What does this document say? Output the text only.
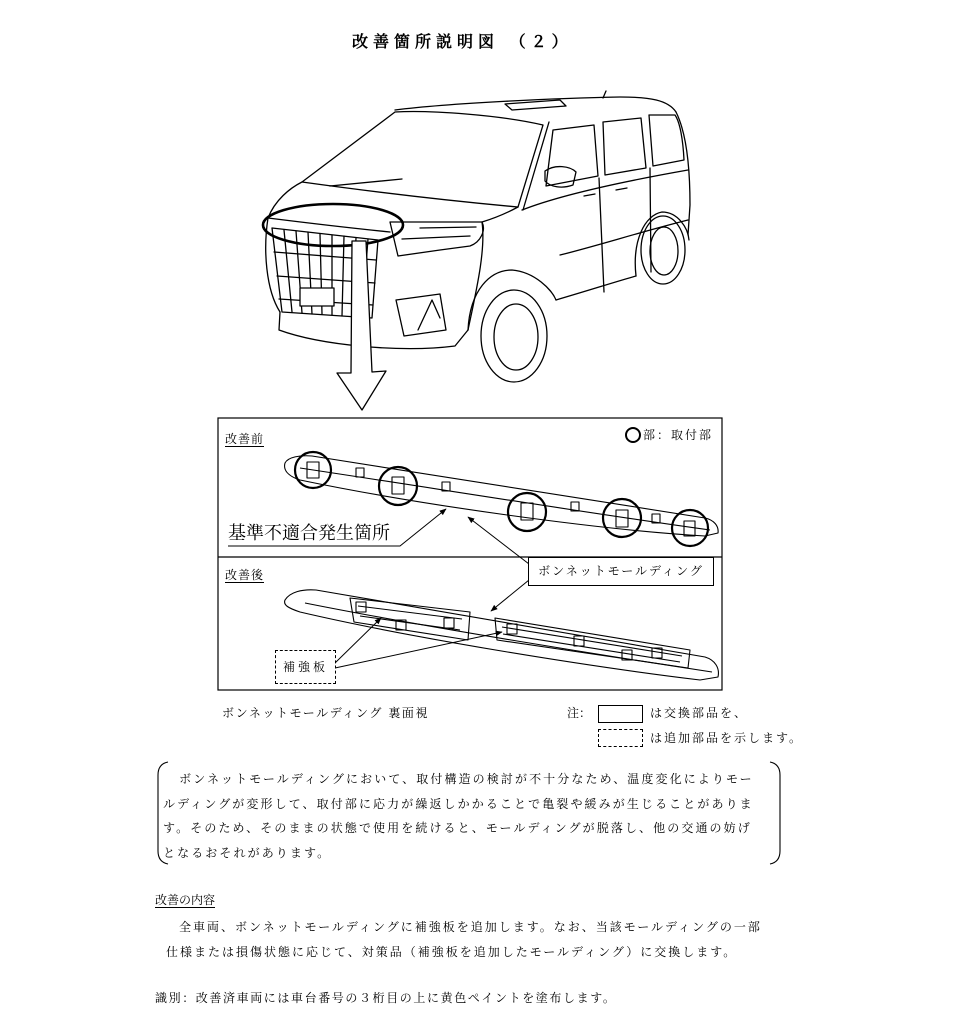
改善箇所説明図 （２）
改善前	部：取付部
基準不適合発生箇所
改善後	ボンネットモールディング
補強板
ボンネットモールディング 裏面視	注：	は交換部品を、
は追加部品を示します。
　ボンネットモールディングにおいて、取付構造の検討が不十分なため、温度変化によりモー
ルディングが変形して、取付部に応力が繰返しかかることで亀裂や緩みが生じることがありま
す。そのため、そのままの状態で使用を続けると、モールディングが脱落し、他の交通の妨げ
となるおそれがあります。
改善の内容
　全車両、ボンネットモールディングに補強板を追加します。なお、当該モールディングの一部
仕様または損傷状態に応じて、対策品（補強板を追加したモールディング）に交換します。
識別：改善済車両には車台番号の３桁目の上に黄色ペイントを塗布します。
